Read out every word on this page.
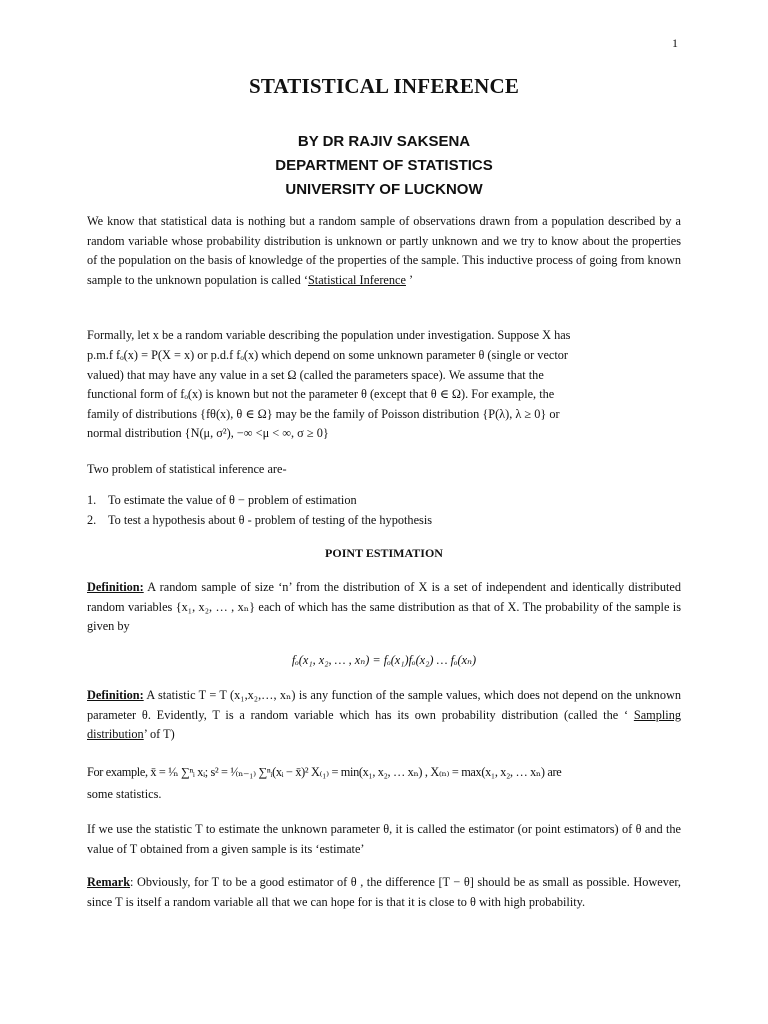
1
STATISTICAL INFERENCE
BY DR RAJIV SAKSENA
DEPARTMENT OF STATISTICS
UNIVERSITY OF LUCKNOW
We know that statistical data is nothing but a random sample of observations drawn from a population described by a random variable whose probability distribution is unknown or partly unknown and we try to know about the properties of the population on the basis of knowledge of the properties of the sample. This inductive process of going from known sample to the unknown population is called ‘Statistical Inference ’
Formally, let x be a random variable describing the population under investigation. Suppose X has
p.m.f fₒ(x) = P(X = x) or p.d.f fₒ(x) which depend on some unknown parameter θ (single or vector
valued) that may have any value in a set Ω (called the parameters space). We assume that the
functional form of fₒ(x) is known but not the parameter θ (except that θ ∈ Ω). For example, the
family of distributions {fθ(x), θ ∈ Ω} may be the family of Poisson distribution {P(λ), λ ≥ 0} or
normal distribution {N(μ, σ²), −∞ <μ < ∞, σ ≥ 0}
Two problem of statistical inference are-
1. To estimate the value of θ − problem of estimation
2. To test a hypothesis about θ - problem of testing of the hypothesis
POINT ESTIMATION
Definition: A random sample of size ‘n’ from the distribution of X is a set of independent and identically distributed random variables {x₁, x₂, … , xₙ} each of which has the same distribution as that of X. The probability of the sample is given by
fₒ(x₁, x₂, … , xₙ) = fₒ(x₁)fₒ(x₂) … fₒ(xₙ)
Definition: A statistic T = T (x₁,x₂,…, xₙ) is any function of the sample values, which does not depend on the unknown parameter θ. Evidently, T is a random variable which has its own probability distribution (called the ‘ Sampling distribution’ of T)
For example, x̄ = ¹⁄ₙ ∑ⁿᵢ xᵢ; s² = ¹⁄₍ₙ₋₁₎ ∑ⁿᵢ(xᵢ − x̄)² X₍₁₎ = min(x₁, x₂, … xₙ) , X₍ₙ₎ = max(x₁, x₂, … xₙ) are
some statistics.
If we use the statistic T to estimate the unknown parameter θ, it is called the estimator (or point estimators) of θ and the value of T obtained from a given sample is its ‘estimate’
Remark: Obviously, for T to be a good estimator of θ , the difference [T − θ] should be as small as possible. However, since T is itself a random variable all that we can hope for is that it is close to θ with high probability.
